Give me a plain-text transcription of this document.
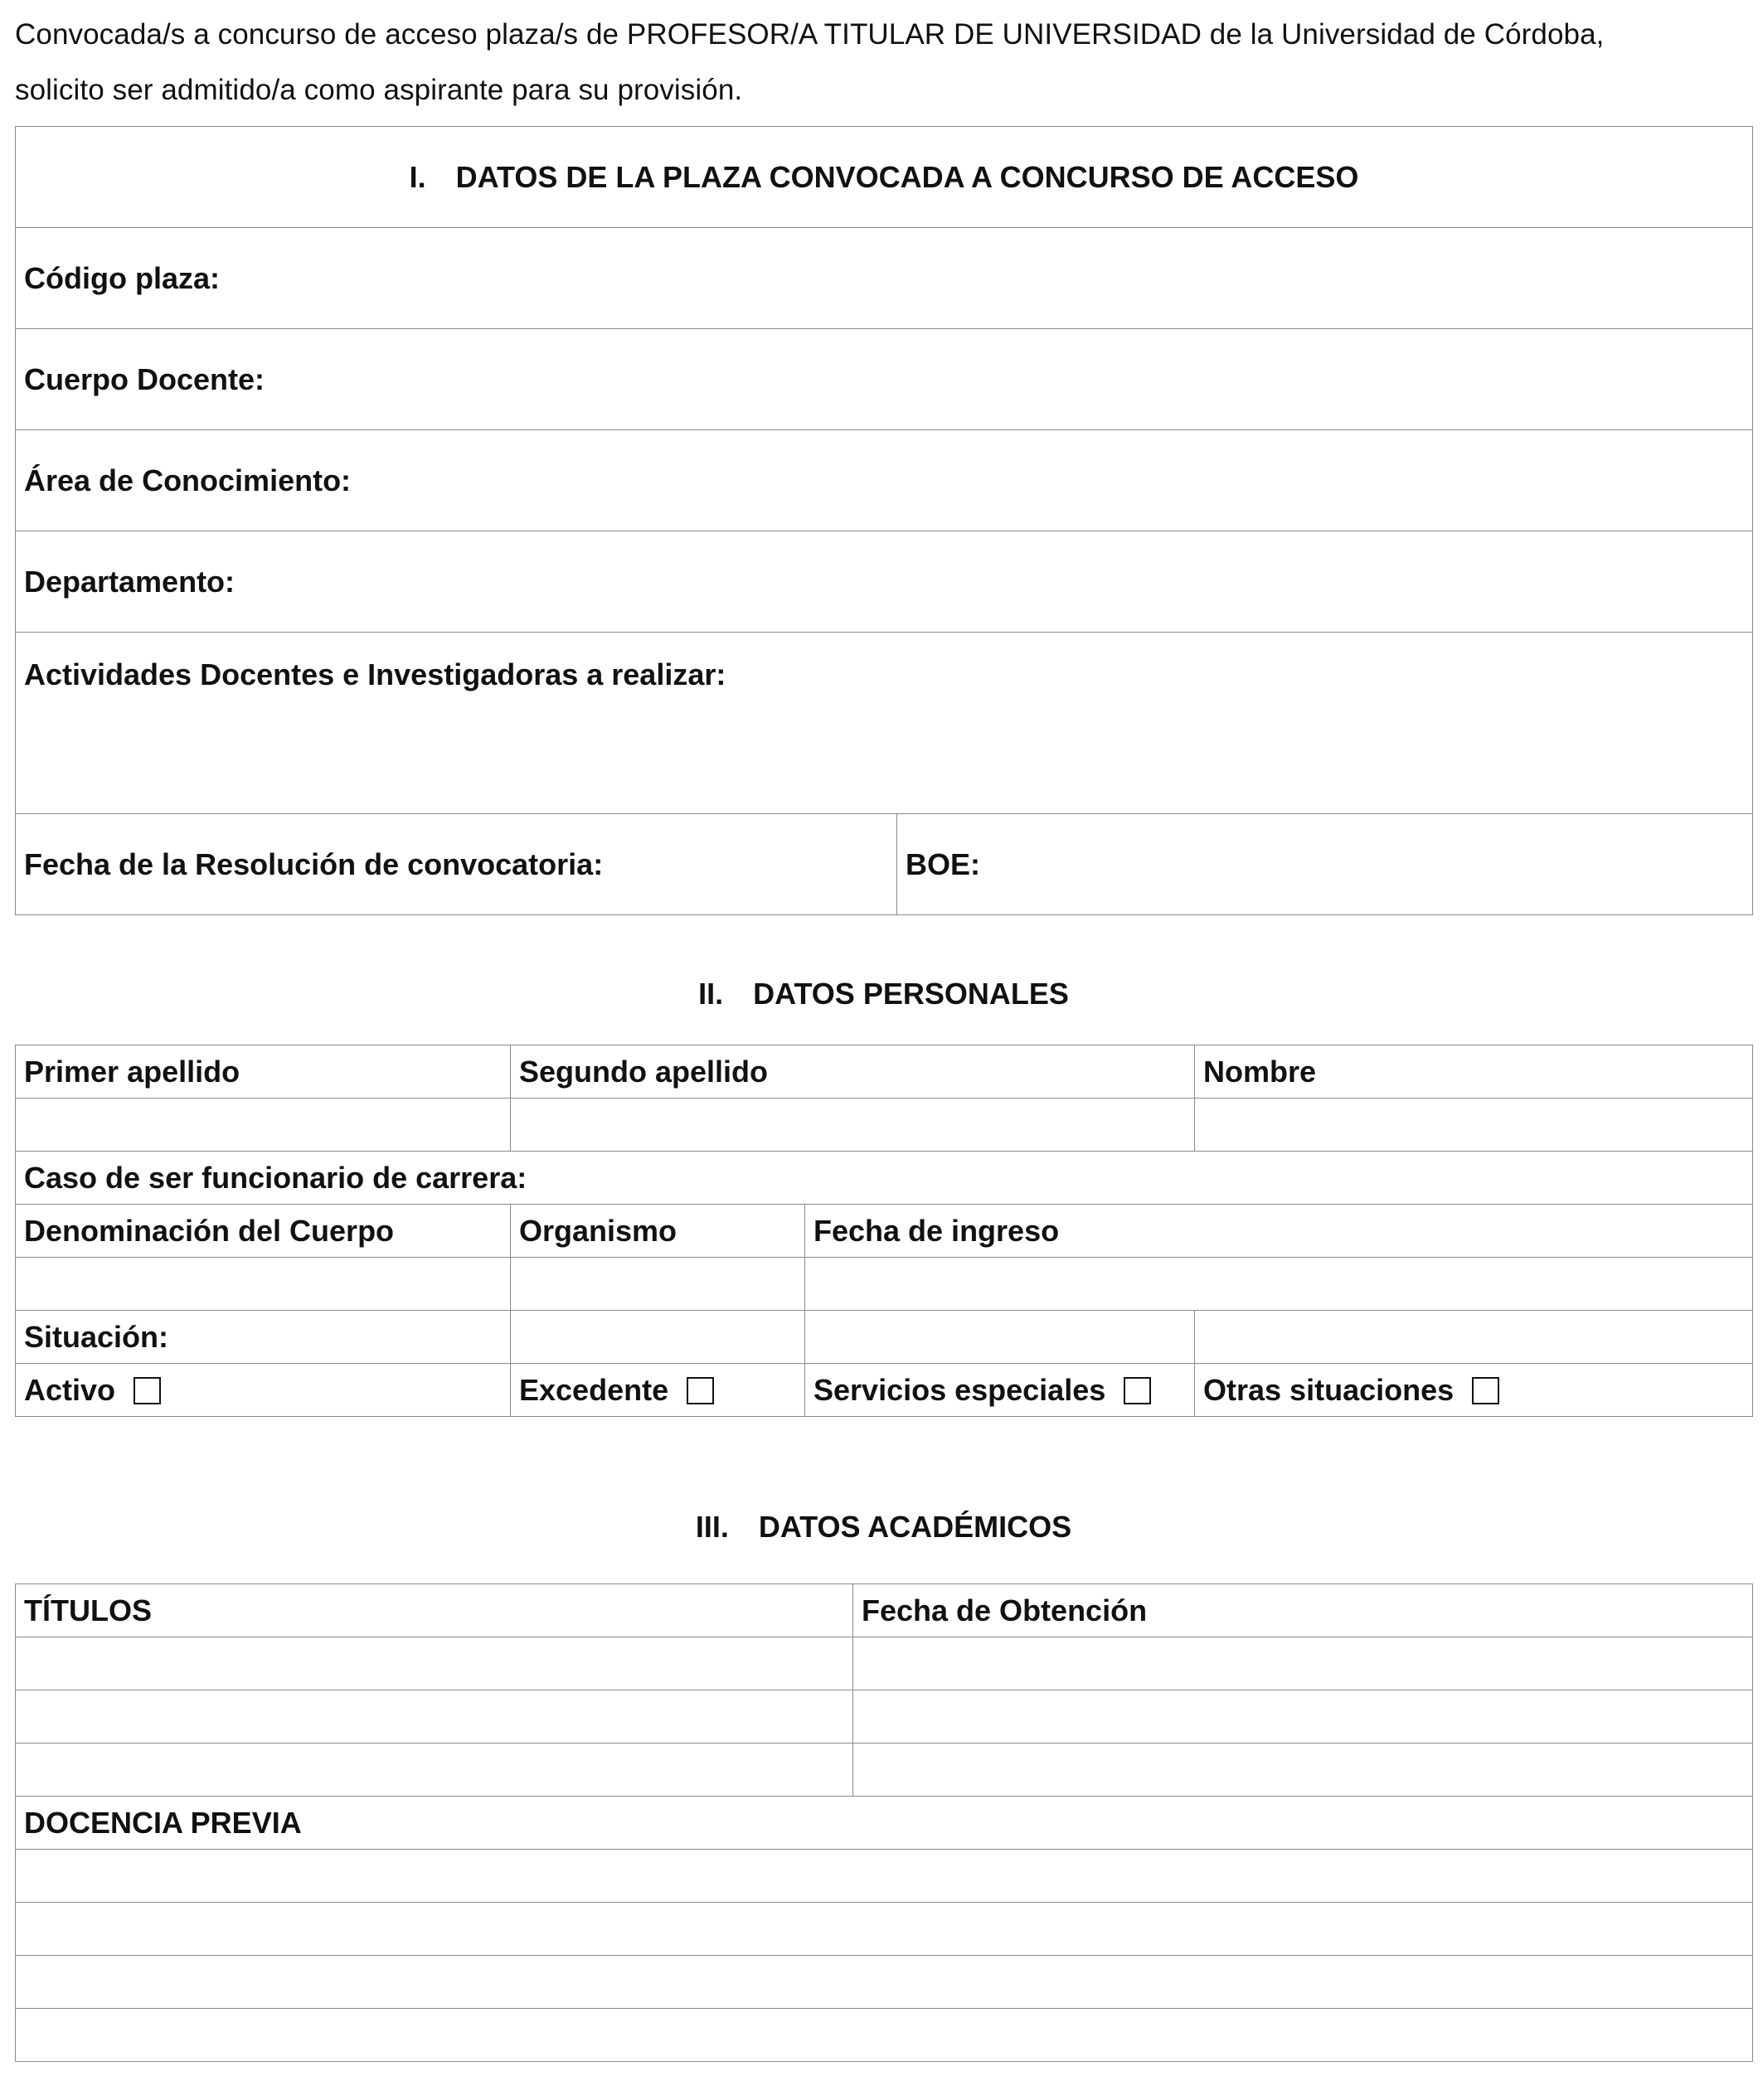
Convocada/s a concurso de acceso plaza/s de PROFESOR/A TITULAR DE UNIVERSIDAD de la Universidad de Córdoba,
solicito ser admitido/a como aspirante para su provisión.

I. DATOS DE LA PLAZA CONVOCADA A CONCURSO DE ACCESO
Código plaza:
Cuerpo Docente:
Área de Conocimiento:
Departamento:
Actividades Docentes e Investigadoras a realizar:
Fecha de la Resolución de convocatoria:	BOE:
II. DATOS PERSONALES
Primer apellido	Segundo apellido		Nombre

Caso de ser funcionario de carrera:			
Denominación del Cuerpo	Organismo	Fecha de ingreso	

Situación:			
Activo	Excedente	Servicios especiales	Otras situaciones
III. DATOS ACADÉMICOS
TÍTULOS	Fecha de Obtención

DOCENCIA PREVIA	
